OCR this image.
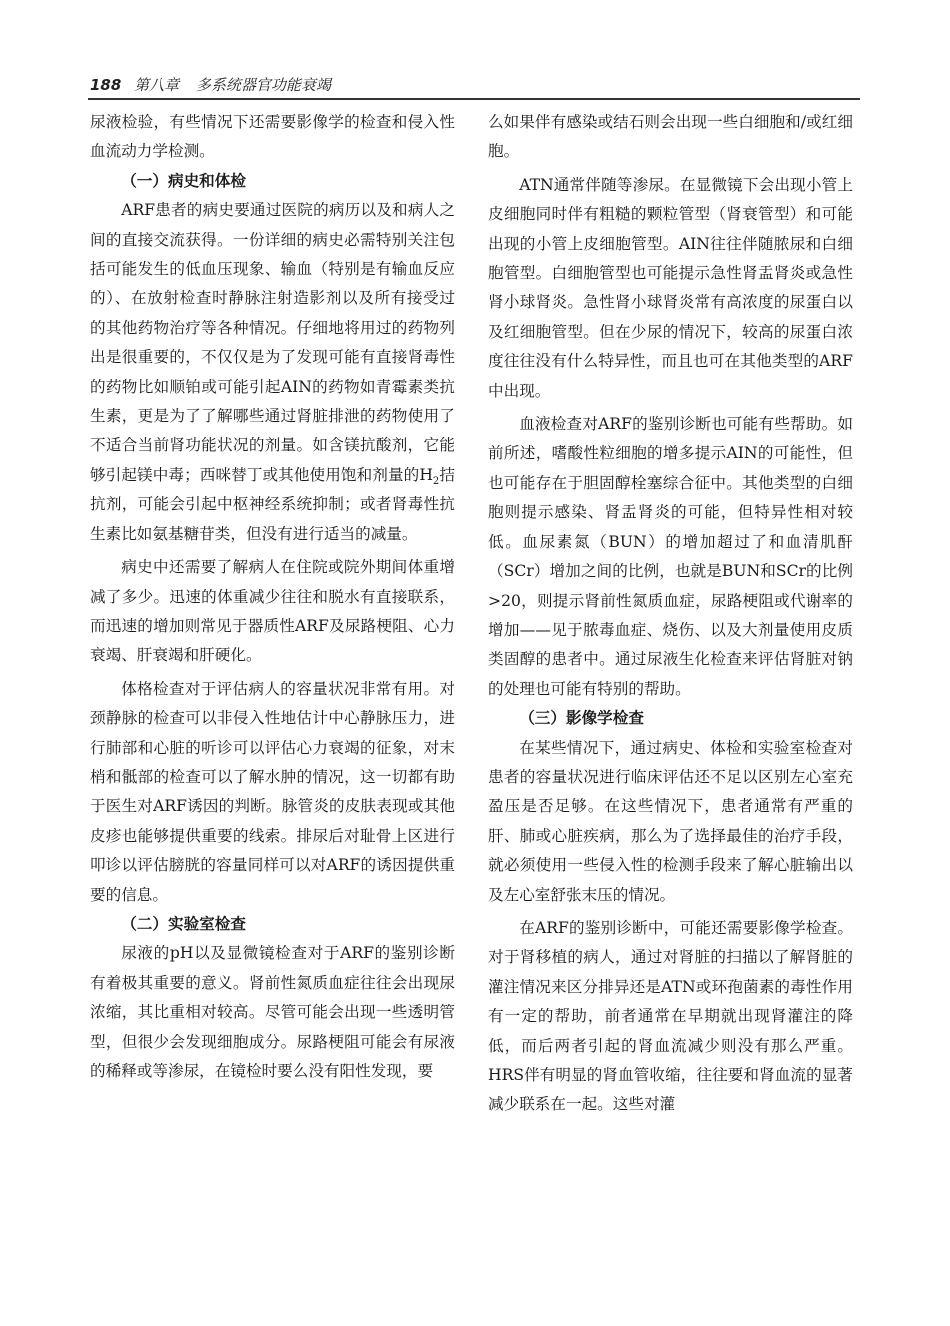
188 第八章 多系统器官功能衰竭

尿液检验，有些情况下还需要影像学的检查和侵入性血流动力学检测。

（一）病史和体检

ARF患者的病史要通过医院的病历以及和病人之间的直接交流获得。一份详细的病史必需特别关注包括可能发生的低血压现象、输血（特别是有输血反应的）、在放射检查时静脉注射造影剂以及所有接受过的其他药物治疗等各种情况。仔细地将用过的药物列出是很重要的，不仅仅是为了发现可能有直接肾毒性的药物比如顺铂或可能引起AIN的药物如青霉素类抗生素，更是为了了解哪些通过肾脏排泄的药物使用了不适合当前肾功能状况的剂量。如含镁抗酸剂，它能够引起镁中毒；西咪替丁或其他使用饱和剂量的$H_2$拮抗剂，可能会引起中枢神经系统抑制；或者肾毒性抗生素比如氨基糖苷类，但没有进行适当的减量。

病史中还需要了解病人在住院或院外期间体重增减了多少。迅速的体重减少往往和脱水有直接联系，而迅速的增加则常见于器质性ARF及尿路梗阻、心力衰竭、肝衰竭和肝硬化。

体格检查对于评估病人的容量状况非常有用。对颈静脉的检查可以非侵入性地估计中心静脉压力，进行肺部和心脏的听诊可以评估心力衰竭的征象，对末梢和骶部的检查可以了解水肿的情况，这一切都有助于医生对ARF诱因的判断。脉管炎的皮肤表现或其他皮疹也能够提供重要的线索。排尿后对耻骨上区进行叩诊以评估膀胱的容量同样可以对ARF的诱因提供重要的信息。

（二）实验室检查

尿液的pH以及显微镜检查对于ARF的鉴别诊断有着极其重要的意义。肾前性氮质血症往往会出现尿浓缩，其比重相对较高。尽管可能会出现一些透明管型，但很少会发现细胞成分。尿路梗阻可能会有尿液的稀释或等渗尿，在镜检时要么没有阳性发现，要

么如果伴有感染或结石则会出现一些白细胞和/或红细胞。

ATN通常伴随等渗尿。在显微镜下会出现小管上皮细胞同时伴有粗糙的颗粒管型（肾衰管型）和可能出现的小管上皮细胞管型。AIN往往伴随脓尿和白细胞管型。白细胞管型也可能提示急性肾盂肾炎或急性肾小球肾炎。急性肾小球肾炎常有高浓度的尿蛋白以及红细胞管型。但在少尿的情况下，较高的尿蛋白浓度往往没有什么特异性，而且也可在其他类型的ARF中出现。

血液检查对ARF的鉴别诊断也可能有些帮助。如前所述，嗜酸性粒细胞的增多提示AIN的可能性，但也可能存在于胆固醇栓塞综合征中。其他类型的白细胞则提示感染、肾盂肾炎的可能，但特异性相对较低。血尿素氮（BUN）的增加超过了和血清肌酐（SCr）增加之间的比例，也就是BUN和SCr的比例>20，则提示肾前性氮质血症，尿路梗阻或代谢率的增加——见于脓毒血症、烧伤、以及大剂量使用皮质类固醇的患者中。通过尿液生化检查来评估肾脏对钠的处理也可能有特别的帮助。

（三）影像学检查

在某些情况下，通过病史、体检和实验室检查对患者的容量状况进行临床评估还不足以区别左心室充盈压是否足够。在这些情况下，患者通常有严重的肝、肺或心脏疾病，那么为了选择最佳的治疗手段，就必须使用一些侵入性的检测手段来了解心脏输出以及左心室舒张末压的情况。

在ARF的鉴别诊断中，可能还需要影像学检查。对于肾移植的病人，通过对肾脏的扫描以了解肾脏的灌注情况来区分排异还是ATN或环孢菌素的毒性作用有一定的帮助，前者通常在早期就出现肾灌注的降低，而后两者引起的肾血流减少则没有那么严重。HRS伴有明显的肾血管收缩，往往要和肾血流的显著减少联系在一起。这些对灌
